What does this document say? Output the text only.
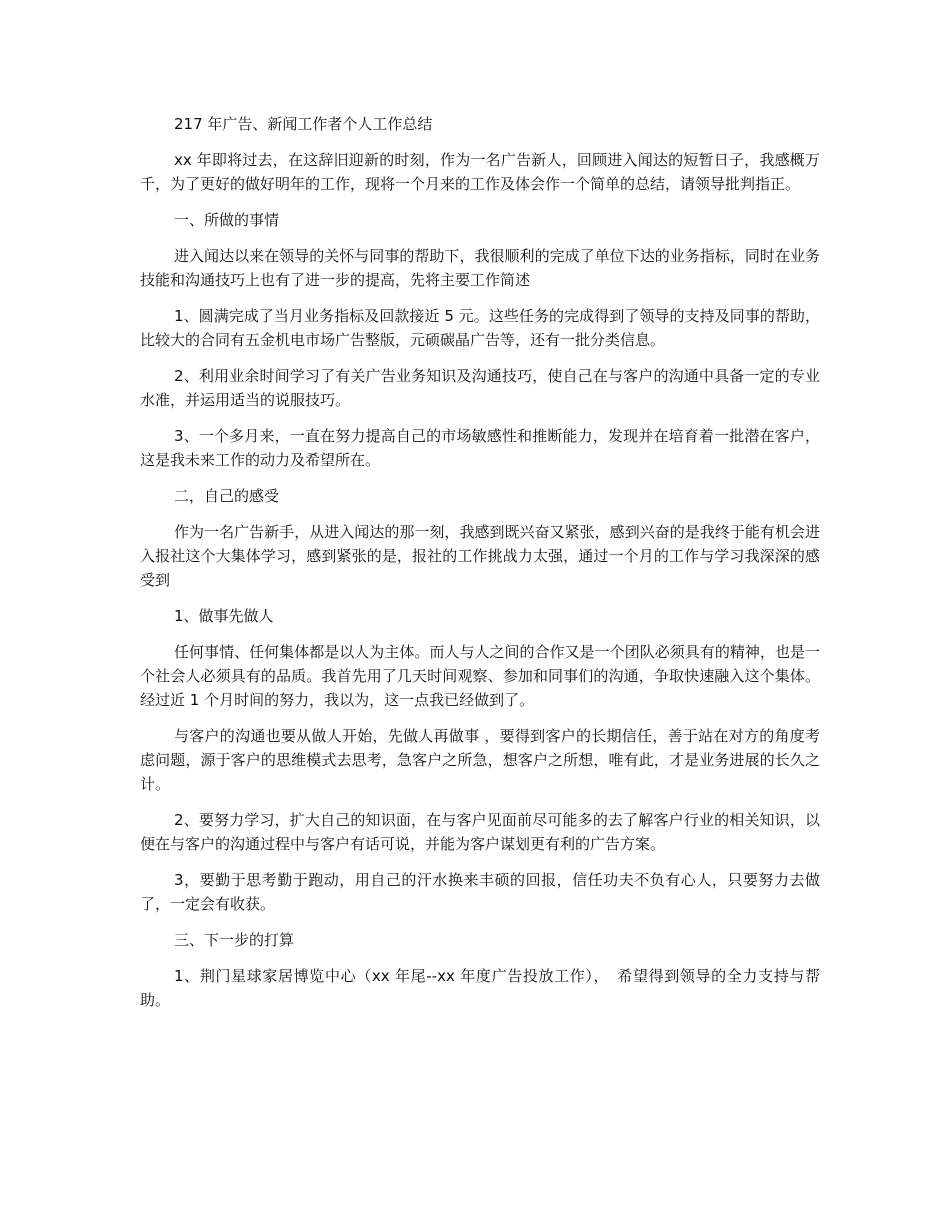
217 年广告、新闻工作者个人工作总结

xx 年即将过去，在这辞旧迎新的时刻，作为一名广告新人，回顾进入闻达的短暂日子，我感概万千，为了更好的做好明年的工作，现将一个月来的工作及体会作一个简单的总结，请领导批判指正。

一、所做的事情

进入闻达以来在领导的关怀与同事的帮助下，我很顺利的完成了单位下达的业务指标，同时在业务技能和沟通技巧上也有了进一步的提高，先将主要工作简述

1、圆满完成了当月业务指标及回款接近 5 元。这些任务的完成得到了领导的支持及同事的帮助，比较大的合同有五金机电市场广告整版，元硕碳晶广告等，还有一批分类信息。

2、利用业余时间学习了有关广告业务知识及沟通技巧，使自己在与客户的沟通中具备一定的专业水准，并运用适当的说服技巧。

3、一个多月来，一直在努力提高自己的市场敏感性和推断能力，发现并在培育着一批潜在客户，这是我未来工作的动力及希望所在。

二，自己的感受

作为一名广告新手，从进入闻达的那一刻，我感到既兴奋又紧张，感到兴奋的是我终于能有机会进入报社这个大集体学习，感到紧张的是，报社的工作挑战力太强，通过一个月的工作与学习我深深的感受到

1、做事先做人

任何事情、任何集体都是以人为主体。而人与人之间的合作又是一个团队必须具有的精神，也是一个社会人必须具有的品质。我首先用了几天时间观察、参加和同事们的沟通，争取快速融入这个集体。经过近 1 个月时间的努力，我以为，这一点我已经做到了。

与客户的沟通也要从做人开始，先做人再做事 ，要得到客户的长期信任，善于站在对方的角度考虑问题，源于客户的思维模式去思考，急客户之所急，想客户之所想，唯有此，才是业务进展的长久之计。

2、要努力学习，扩大自己的知识面，在与客户见面前尽可能多的去了解客户行业的相关知识，以便在与客户的沟通过程中与客户有话可说，并能为客户谋划更有利的广告方案。

3，要勤于思考勤于跑动，用自己的汗水换来丰硕的回报，信任功夫不负有心人，只要努力去做了，一定会有收获。

三、下一步的打算

1、荆门星球家居博览中心（xx 年尾--xx 年度广告投放工作），　希望得到领导的全力支持与帮助。
